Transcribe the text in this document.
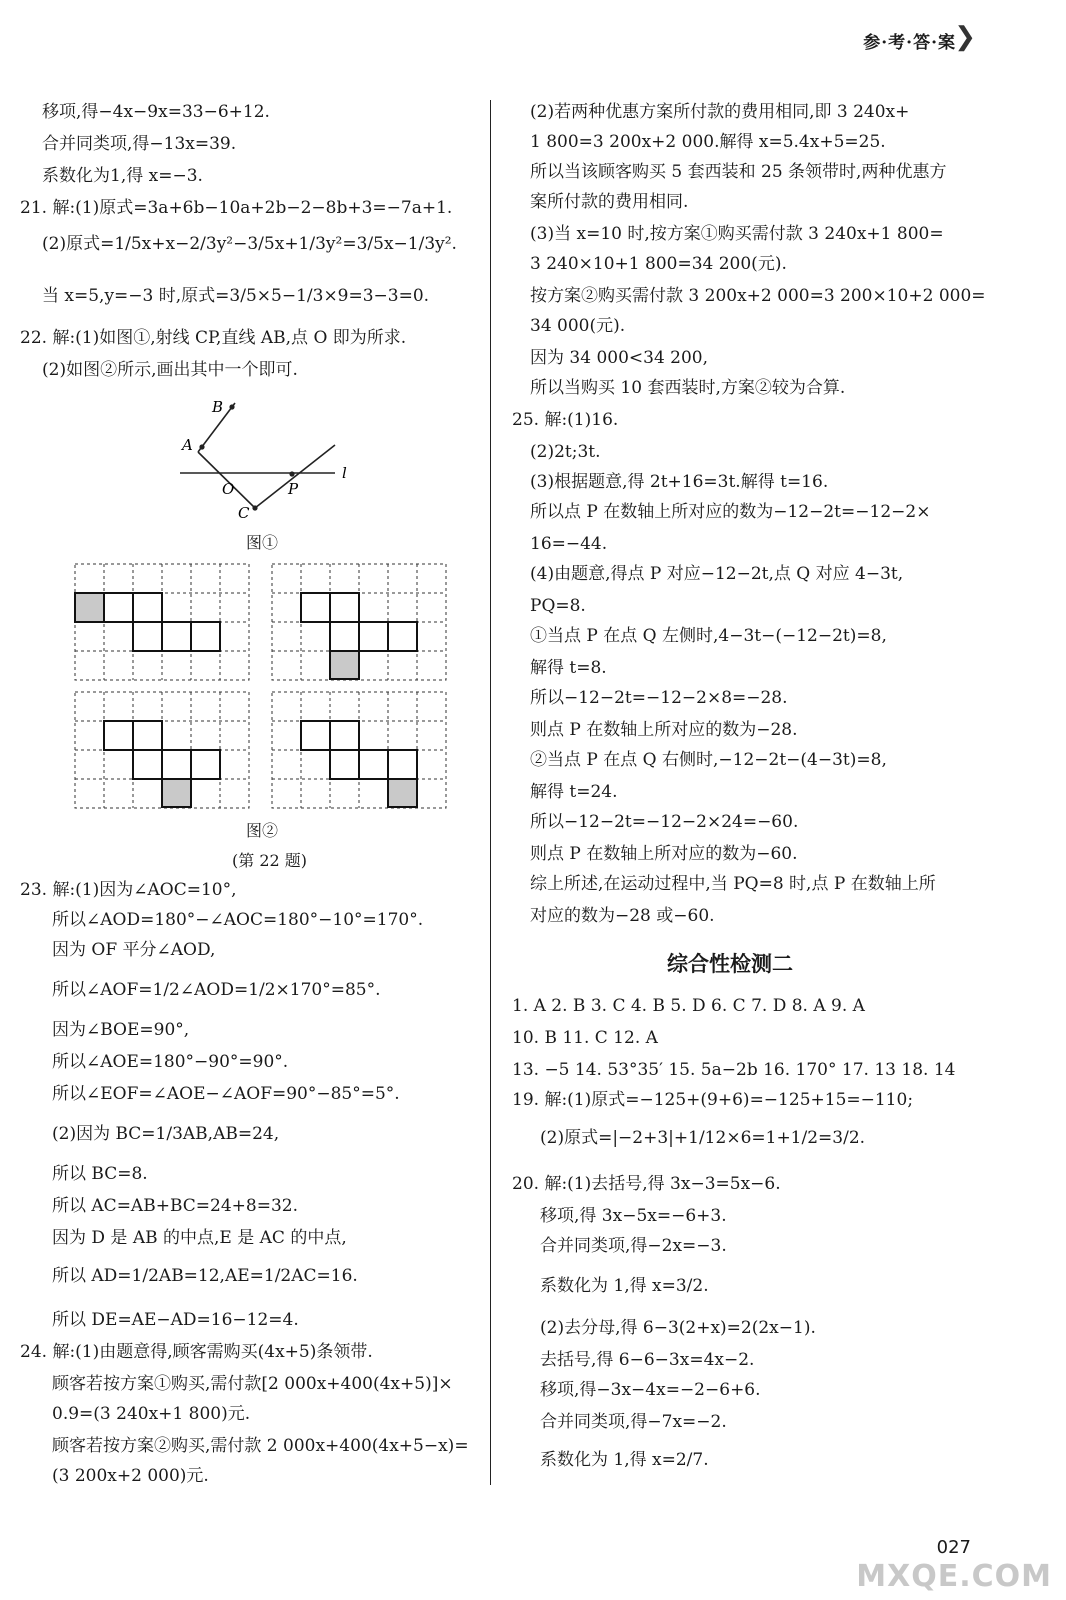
参·考·答·案
❯

移项,得−4x−9x=33−6+12.

合并同类项,得−13x=39.

系数化为1,得 x=−3.

21. 解:(1)原式=3a+6b−10a+2b−2−8b+3=−7a+1.

(2)原式=1/5x+x−2/3y²−3/5x+1/3y²=3/5x−1/3y².

当 x=5,y=−3 时,原式=3/5×5−1/3×9=3−3=0.

22. 解:(1)如图①,射线 CP,直线 AB,点 O 即为所求.

(2)如图②所示,画出其中一个即可.

B
A
O
C
P
l
图①
图②
(第 22 题)

23. 解:(1)因为∠AOC=10°,

所以∠AOD=180°−∠AOC=180°−10°=170°.

因为 OF 平分∠AOD,

所以∠AOF=1/2∠AOD=1/2×170°=85°.

因为∠BOE=90°,

所以∠AOE=180°−90°=90°.

所以∠EOF=∠AOE−∠AOF=90°−85°=5°.

(2)因为 BC=1/3AB,AB=24,

所以 BC=8.

所以 AC=AB+BC=24+8=32.

因为 D 是 AB 的中点,E 是 AC 的中点,

所以 AD=1/2AB=12,AE=1/2AC=16.

所以 DE=AE−AD=16−12=4.

24. 解:(1)由题意得,顾客需购买(4x+5)条领带.

顾客若按方案①购买,需付款[2 000x+400(4x+5)]×

0.9=(3 240x+1 800)元.

顾客若按方案②购买,需付款 2 000x+400(4x+5−x)=

(3 200x+2 000)元.

(2)若两种优惠方案所付款的费用相同,即 3 240x+

1 800=3 200x+2 000.解得 x=5.4x+5=25.

所以当该顾客购买 5 套西装和 25 条领带时,两种优惠方

案所付款的费用相同.

(3)当 x=10 时,按方案①购买需付款 3 240x+1 800=

3 240×10+1 800=34 200(元).

按方案②购买需付款 3 200x+2 000=3 200×10+2 000=

34 000(元).

因为 34 000<34 200,

所以当购买 10 套西装时,方案②较为合算.

25. 解:(1)16.

(2)2t;3t.

(3)根据题意,得 2t+16=3t.解得 t=16.

所以点 P 在数轴上所对应的数为−12−2t=−12−2×

16=−44.

(4)由题意,得点 P 对应−12−2t,点 Q 对应 4−3t,

PQ=8.

①当点 P 在点 Q 左侧时,4−3t−(−12−2t)=8,

解得 t=8.

所以−12−2t=−12−2×8=−28.

则点 P 在数轴上所对应的数为−28.

②当点 P 在点 Q 右侧时,−12−2t−(4−3t)=8,

解得 t=24.

所以−12−2t=−12−2×24=−60.

则点 P 在数轴上所对应的数为−60.

综上所述,在运动过程中,当 PQ=8 时,点 P 在数轴上所

对应的数为−28 或−60.

综合性检测二

1. A 2. B 3. C 4. B 5. D 6. C 7. D 8. A 9. A

10. B 11. C 12. A

13. −5 14. 53°35′ 15. 5a−2b 16. 170° 17. 13 18. 14

19. 解:(1)原式=−125+(9+6)=−125+15=−110;

(2)原式=|−2+3|+1/12×6=1+1/2=3/2.

20. 解:(1)去括号,得 3x−3=5x−6.

移项,得 3x−5x=−6+3.

合并同类项,得−2x=−3.

系数化为 1,得 x=3/2.

(2)去分母,得 6−3(2+x)=2(2x−1).

去括号,得 6−6−3x=4x−2.

移项,得−3x−4x=−2−6+6.

合并同类项,得−7x=−2.

系数化为 1,得 x=2/7.

027
MXQE.COM
